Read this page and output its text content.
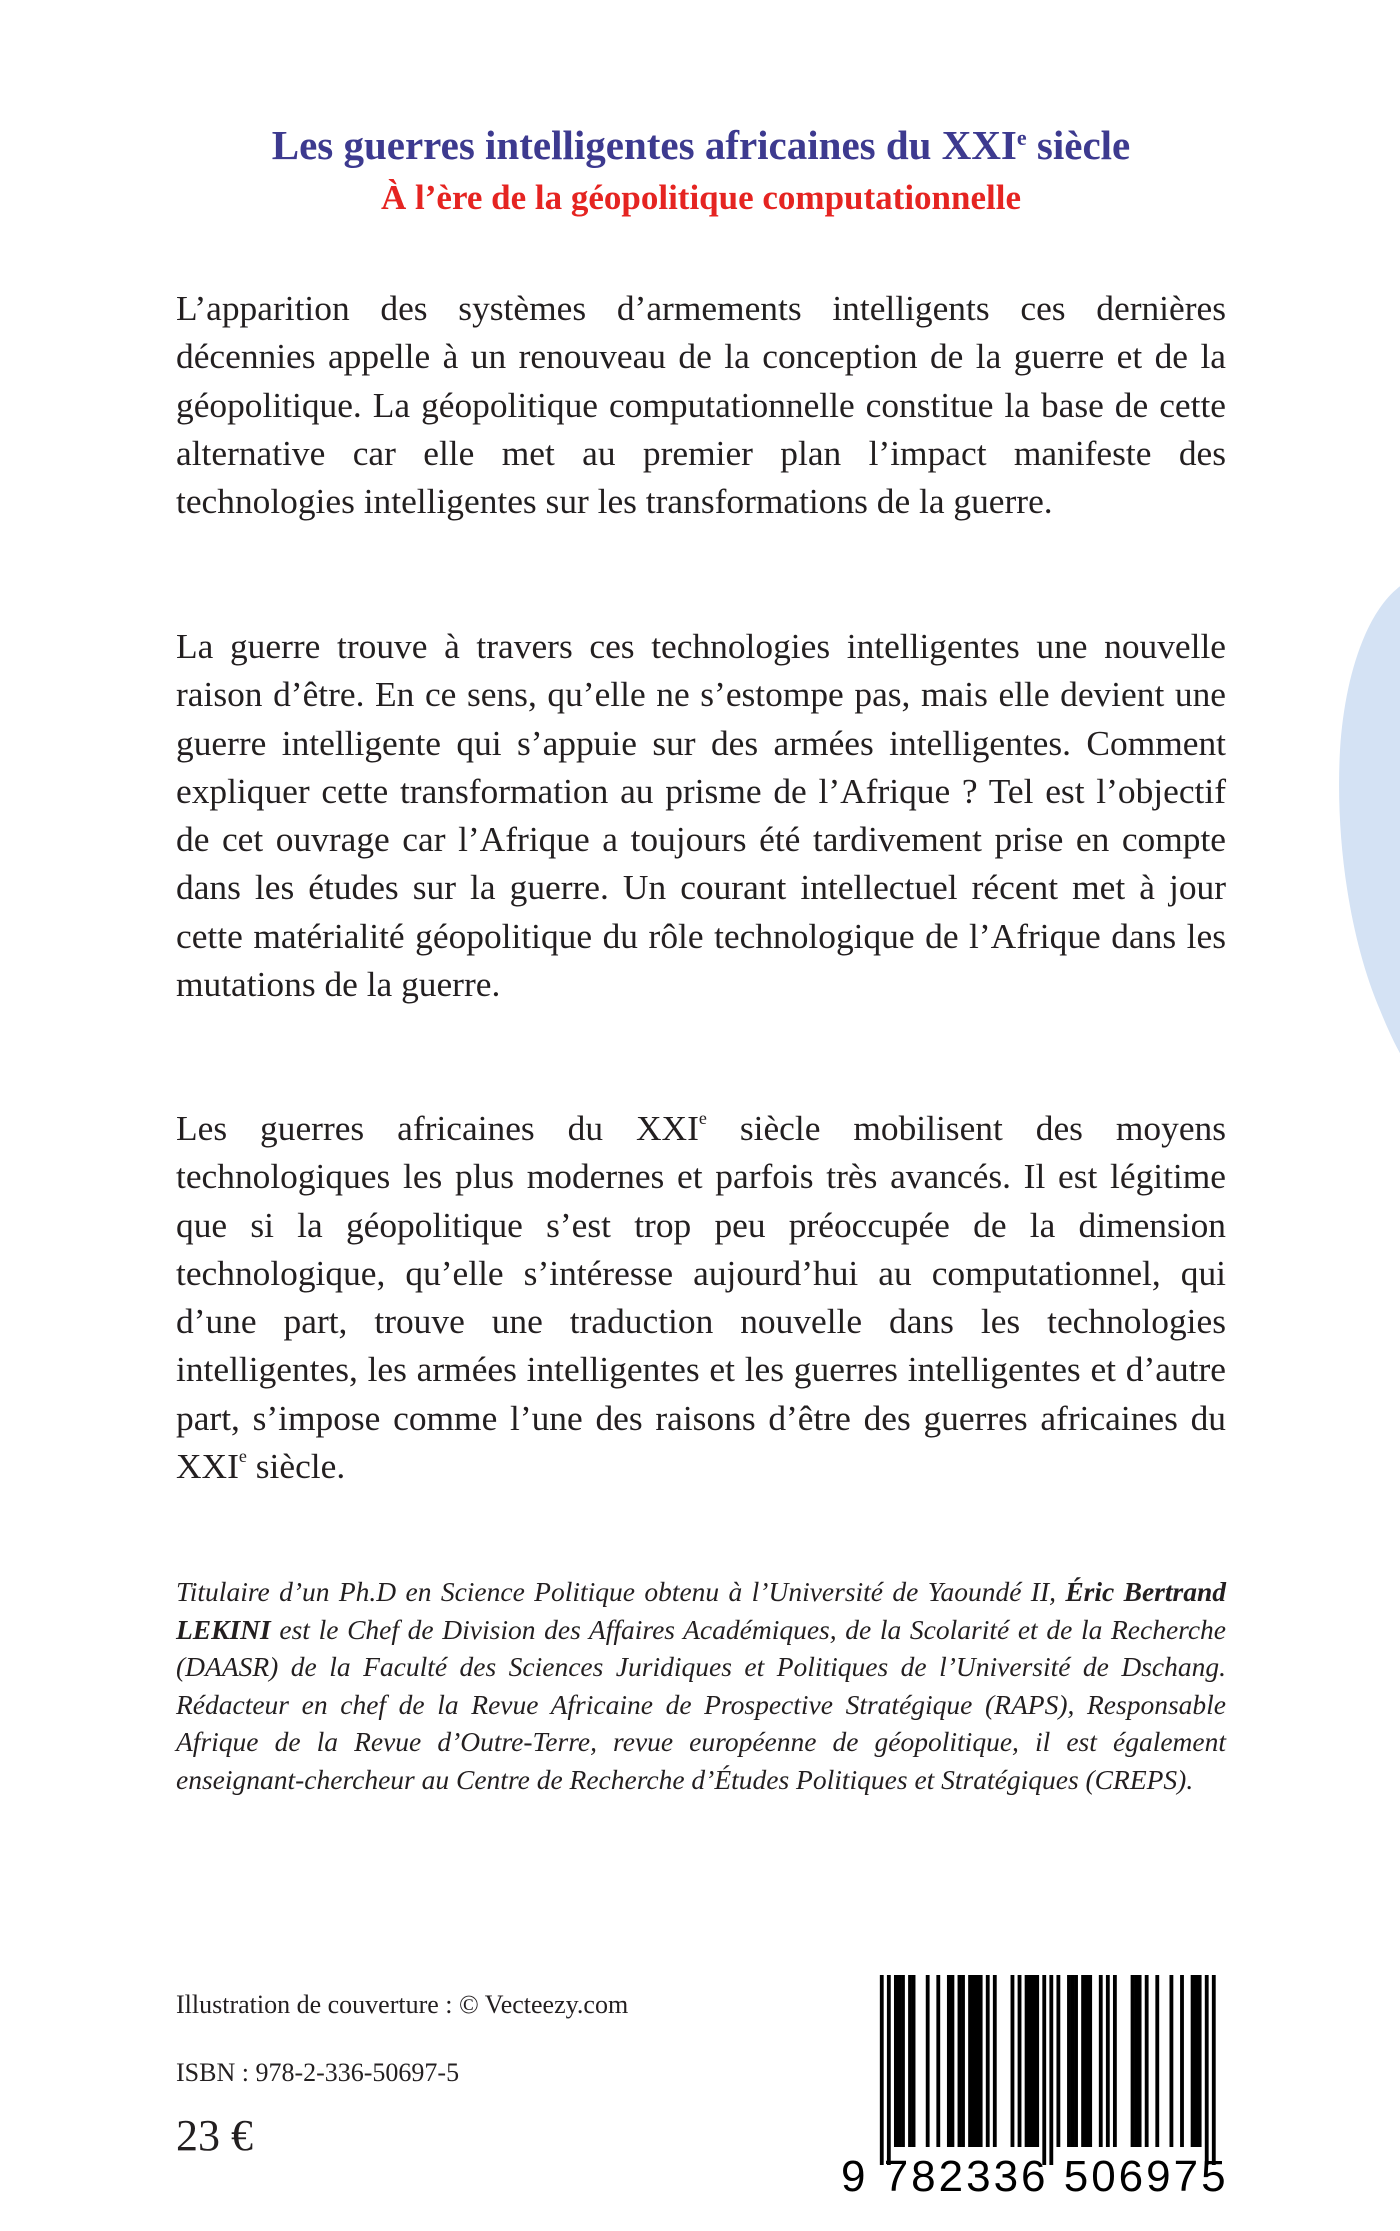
Les guerres intelligentes africaines du XXIe siècle
À l’ère de la géopolitique computationnelle

L’apparition des systèmes d’armements intelligents ces dernières décennies appelle à un renouveau de la conception de la guerre et de la géopolitique. La géopolitique computationnelle constitue la base de cette alternative car elle met au premier plan l’impact manifeste des technologies intelligentes sur les transformations de la guerre.

La guerre trouve à travers ces technologies intelligentes une nouvelle raison d’être. En ce sens, qu’elle ne s’estompe pas, mais elle devient une guerre intelligente qui s’appuie sur des armées intelligentes. Comment expliquer cette transformation au prisme de l’Afrique ? Tel est l’objectif de cet ouvrage car l’Afrique a toujours été tardivement prise en compte dans les études sur la guerre. Un courant intellectuel récent met à jour cette matérialité géopolitique du rôle technologique de l’Afrique dans les mutations de la guerre.

Les guerres africaines du XXIe siècle mobilisent des moyens technologiques les plus modernes et parfois très avancés. Il est légitime que si la géopolitique s’est trop peu préoccupée de la dimension technologique, qu’elle s’intéresse aujourd’hui au computationnel, qui d’une part, trouve une traduction nouvelle dans les technologies intelligentes, les armées intelligentes et les guerres intelligentes et d’autre part, s’impose comme l’une des raisons d’être des guerres africaines du XXIe siècle.

Titulaire d’un Ph.D en Science Politique obtenu à l’Université de Yaoundé II, Éric Bertrand LEKINI est le Chef de Division des Affaires Académiques, de la Scolarité et de la Recherche (DAASR) de la Faculté des Sciences Juridiques et Politiques de l’Université de Dschang. Rédacteur en chef de la Revue Africaine de Prospective Stratégique (RAPS), Responsable Afrique de la Revue d’Outre-Terre, revue européenne de géopolitique, il est également enseignant-chercheur au Centre de Recherche d’Études Politiques et Stratégiques (CREPS).

Illustration de couverture : © Vecteezy.com

ISBN : 978-2-336-50697-5

23 €

9 782336 506975
